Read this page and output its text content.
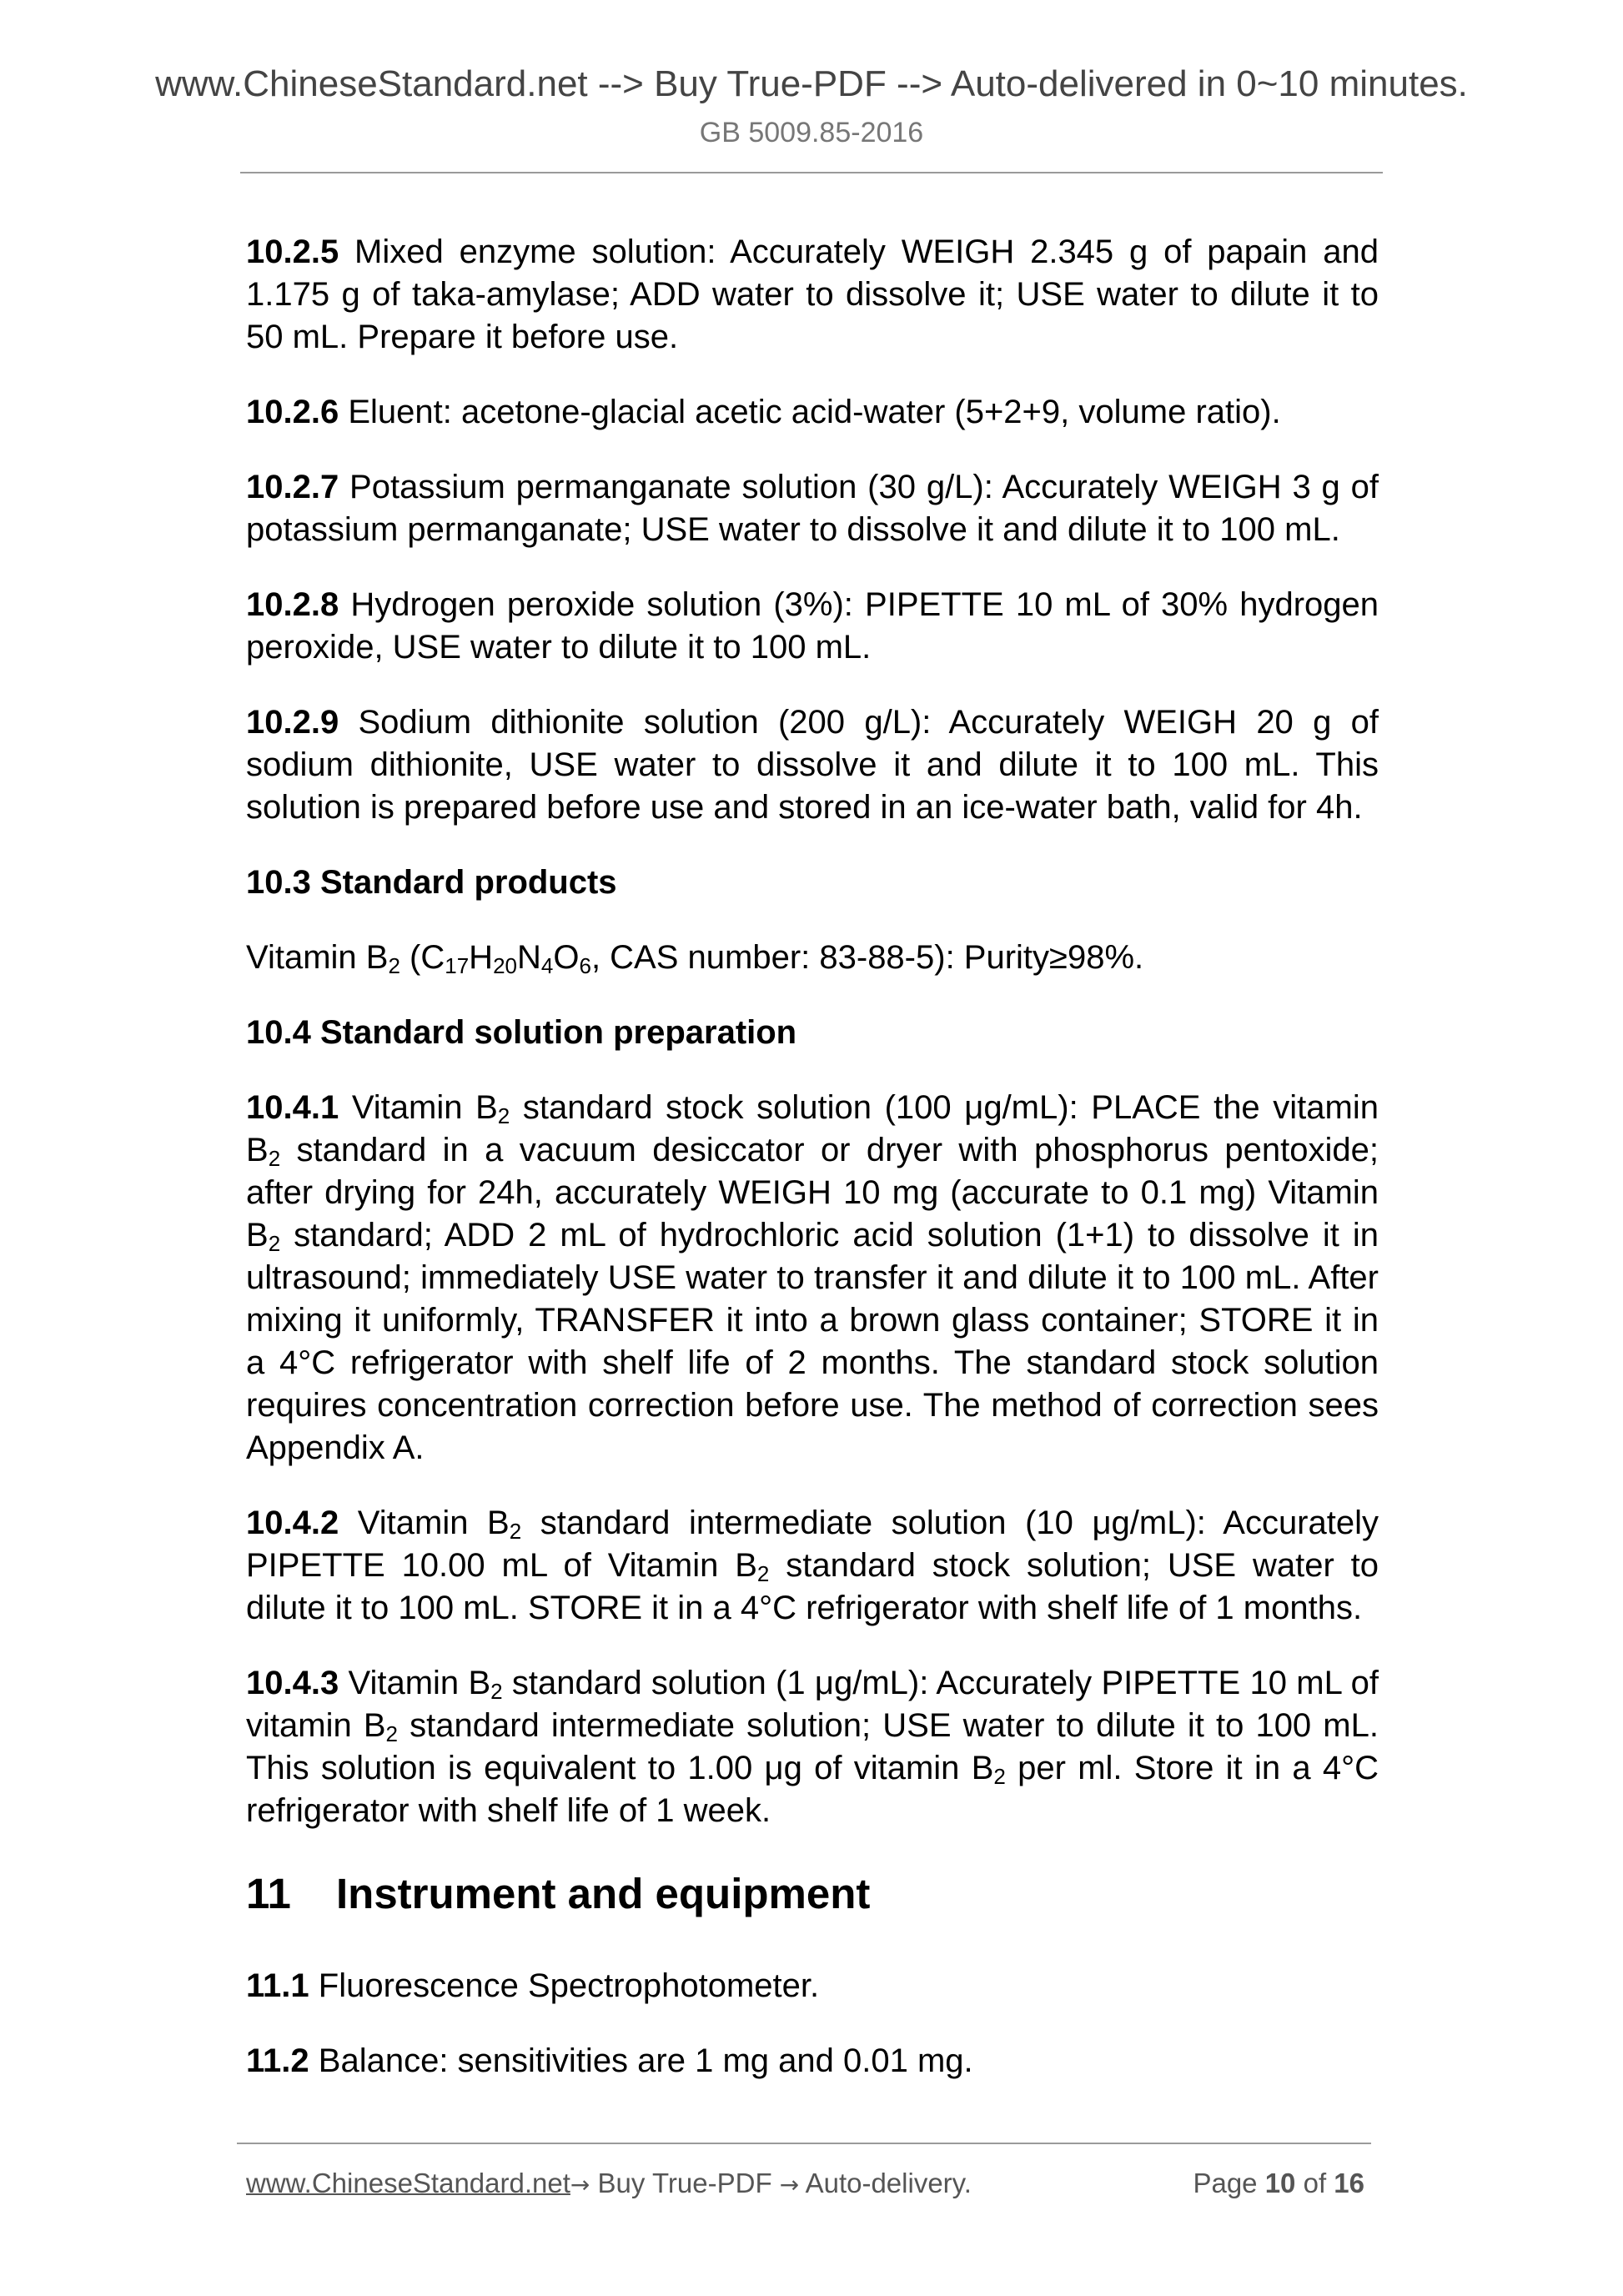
www.ChineseStandard.net --> Buy True-PDF --> Auto-delivered in 0~10 minutes.
GB 5009.85-2016

10.2.5 Mixed enzyme solution: Accurately WEIGH 2.345 g of papain and 1.175 g of taka-amylase; ADD water to dissolve it; USE water to dilute it to 50 mL. Prepare it before use.

10.2.6 Eluent: acetone-glacial acetic acid-water (5+2+9, volume ratio).

10.2.7 Potassium permanganate solution (30 g/L): Accurately WEIGH 3 g of potassium permanganate; USE water to dissolve it and dilute it to 100 mL.

10.2.8 Hydrogen peroxide solution (3%): PIPETTE 10 mL of 30% hydrogen peroxide, USE water to dilute it to 100 mL.

10.2.9 Sodium dithionite solution (200 g/L): Accurately WEIGH 20 g of sodium dithionite, USE water to dissolve it and dilute it to 100 mL. This solution is prepared before use and stored in an ice-water bath, valid for 4h.

10.3 Standard products

Vitamin $B_2$ ($C_{17}H_{20}N_4O_6$, CAS number: 83-88-5): Purity≥98%.

10.4 Standard solution preparation

10.4.1 Vitamin $B_2$ standard stock solution (100 μg/mL): PLACE the vitamin $B_2$ standard in a vacuum desiccator or dryer with phosphorus pentoxide; after drying for 24h, accurately WEIGH 10 mg (accurate to 0.1 mg) Vitamin $B_2$ standard; ADD 2 mL of hydrochloric acid solution (1+1) to dissolve it in ultrasound; immediately USE water to transfer it and dilute it to 100 mL. After mixing it uniformly, TRANSFER it into a brown glass container; STORE it in a 4°C refrigerator with shelf life of 2 months. The standard stock solution requires concentration correction before use. The method of correction sees Appendix A.

10.4.2 Vitamin $B_2$ standard intermediate solution (10 μg/mL): Accurately PIPETTE 10.00 mL of Vitamin $B_2$ standard stock solution; USE water to dilute it to 100 mL. STORE it in a 4°C refrigerator with shelf life of 1 months.

10.4.3 Vitamin $B_2$ standard solution (1 μg/mL): Accurately PIPETTE 10 mL of vitamin $B_2$ standard intermediate solution; USE water to dilute it to 100 mL. This solution is equivalent to 1.00 μg of vitamin $B_2$ per ml. Store it in a 4°C refrigerator with shelf life of 1 week.

11 Instrument and equipment

11.1 Fluorescence Spectrophotometer.

11.2 Balance: sensitivities are 1 mg and 0.01 mg.

www.ChineseStandard.net→ Buy True-PDF → Auto-delivery.	Page 10 of 16
